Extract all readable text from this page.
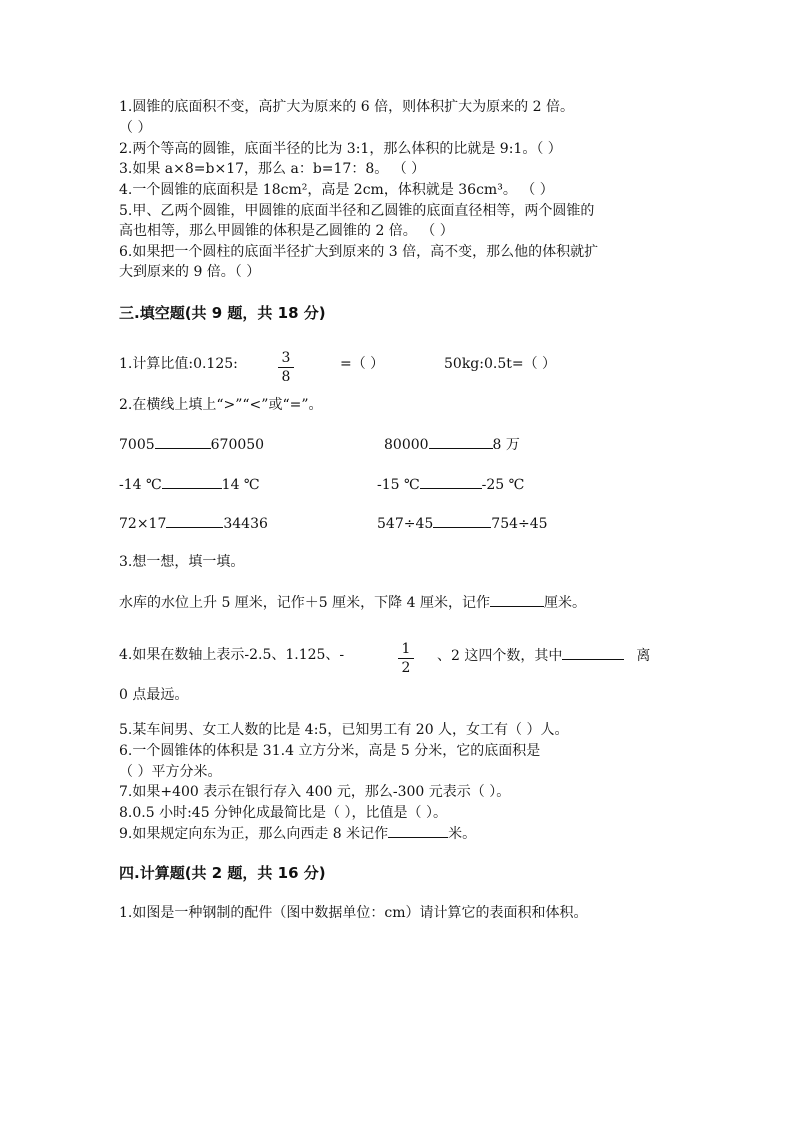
1.圆锥的底面积不变，高扩大为原来的 6 倍，则体积扩大为原来的 2 倍。
（ ）
2.两个等高的圆锥，底面半径的比为 3:1，那么体积的比就是 9:1。（ ）
3.如果 a×8=b×17，那么 a：b=17：8。 （ ）
4.一个圆锥的底面积是 18cm²，高是 2cm，体积就是 36cm³。 （ ）
5.甲、乙两个圆锥，甲圆锥的底面半径和乙圆锥的底面直径相等，两个圆锥的
高也相等，那么甲圆锥的体积是乙圆锥的 2 倍。 （ ）
6.如果把一个圆柱的底面半径扩大到原来的 3 倍，高不变，那么他的体积就扩
大到原来的 9 倍。（ ）
三.填空题(共 9 题，共 18 分)
1.计算比值:0.125:	3
8
=（ ）	50kg:0.5t=（ ）
2.在横线上填上“>”“<”或“=”。
7005	670050	80000	8 万
-14 ℃	14 ℃	-15 ℃	-25 ℃
72×17	34436	547÷45	754÷45
3.想一想，填一填。
水库的水位上升 5 厘米，记作＋5 厘米，下降 4 厘米，记作	厘米。
4.如果在数轴上表示-2.5、1.125、-	1
2
、2 这四个数，其中	离
0 点最远。
5.某车间男、女工人数的比是 4:5，已知男工有 20 人，女工有（ ）人。
6.一个圆锥体的体积是 31.4 立方分米，高是 5 分米，它的底面积是
（ ）平方分米。
7.如果+400 表示在银行存入 400 元，那么-300 元表示（ ）。
8.0.5 小时:45 分钟化成最简比是（ ），比值是（ ）。
9.如果规定向东为正，那么向西走 8 米记作	米。
四.计算题(共 2 题，共 16 分)
1.如图是一种钢制的配件（图中数据单位：cm）请计算它的表面积和体积。
